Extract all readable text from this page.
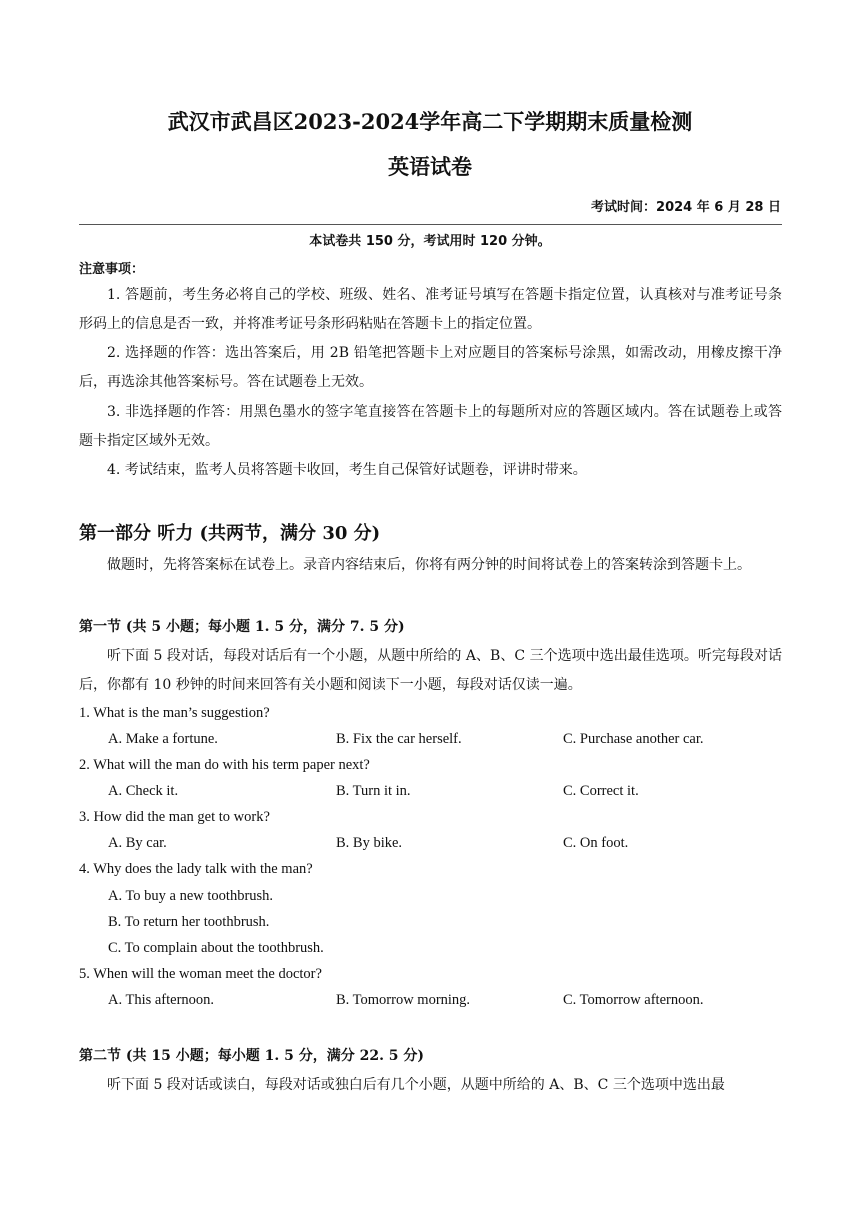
武汉市武昌区2023-2024学年高二下学期期末质量检测
英语试卷
考试时间：2024 年 6 月 28 日
本试卷共 150 分，考试用时 120 分钟。
注意事项：
1. 答题前，考生务必将自己的学校、班级、姓名、准考证号填写在答题卡指定位置，认真核对与准考证号条形码上的信息是否一致，并将准考证号条形码粘贴在答题卡上的指定位置。
2. 选择题的作答：选出答案后，用 2B 铅笔把答题卡上对应题目的答案标号涂黑，如需改动，用橡皮擦干净后，再选涂其他答案标号。答在试题卷上无效。
3. 非选择题的作答：用黑色墨水的签字笔直接答在答题卡上的每题所对应的答题区域内。答在试题卷上或答题卡指定区域外无效。
4. 考试结束，监考人员将答题卡收回，考生自己保管好试题卷，评讲时带来。
第一部分 听力 (共两节，满分 30 分)
做题时，先将答案标在试卷上。录音内容结束后，你将有两分钟的时间将试卷上的答案转涂到答题卡上。
第一节 (共 5 小题；每小题 1. 5 分，满分 7. 5 分)
听下面 5 段对话，每段对话后有一个小题，从题中所给的 A、B、C 三个选项中选出最佳选项。听完每段对话后，你都有 10 秒钟的时间来回答有关小题和阅读下一小题，每段对话仅读一遍。
1. What is the man’s suggestion?
A. Make a fortune.	B. Fix the car herself.	C. Purchase another car.
2. What will the man do with his term paper next?
A. Check it.	B. Turn it in.	C. Correct it.
3. How did the man get to work?
A. By car.	B. By bike.	C. On foot.
4. Why does the lady talk with the man?
A. To buy a new toothbrush.
B. To return her toothbrush.
C. To complain about the toothbrush.
5. When will the woman meet the doctor?
A. This afternoon.	B. Tomorrow morning.	C. Tomorrow afternoon.
第二节 (共 15 小题；每小题 1. 5 分，满分 22. 5 分)
听下面 5 段对话或读白，每段对话或独白后有几个小题，从题中所给的 A、B、C 三个选项中选出最
